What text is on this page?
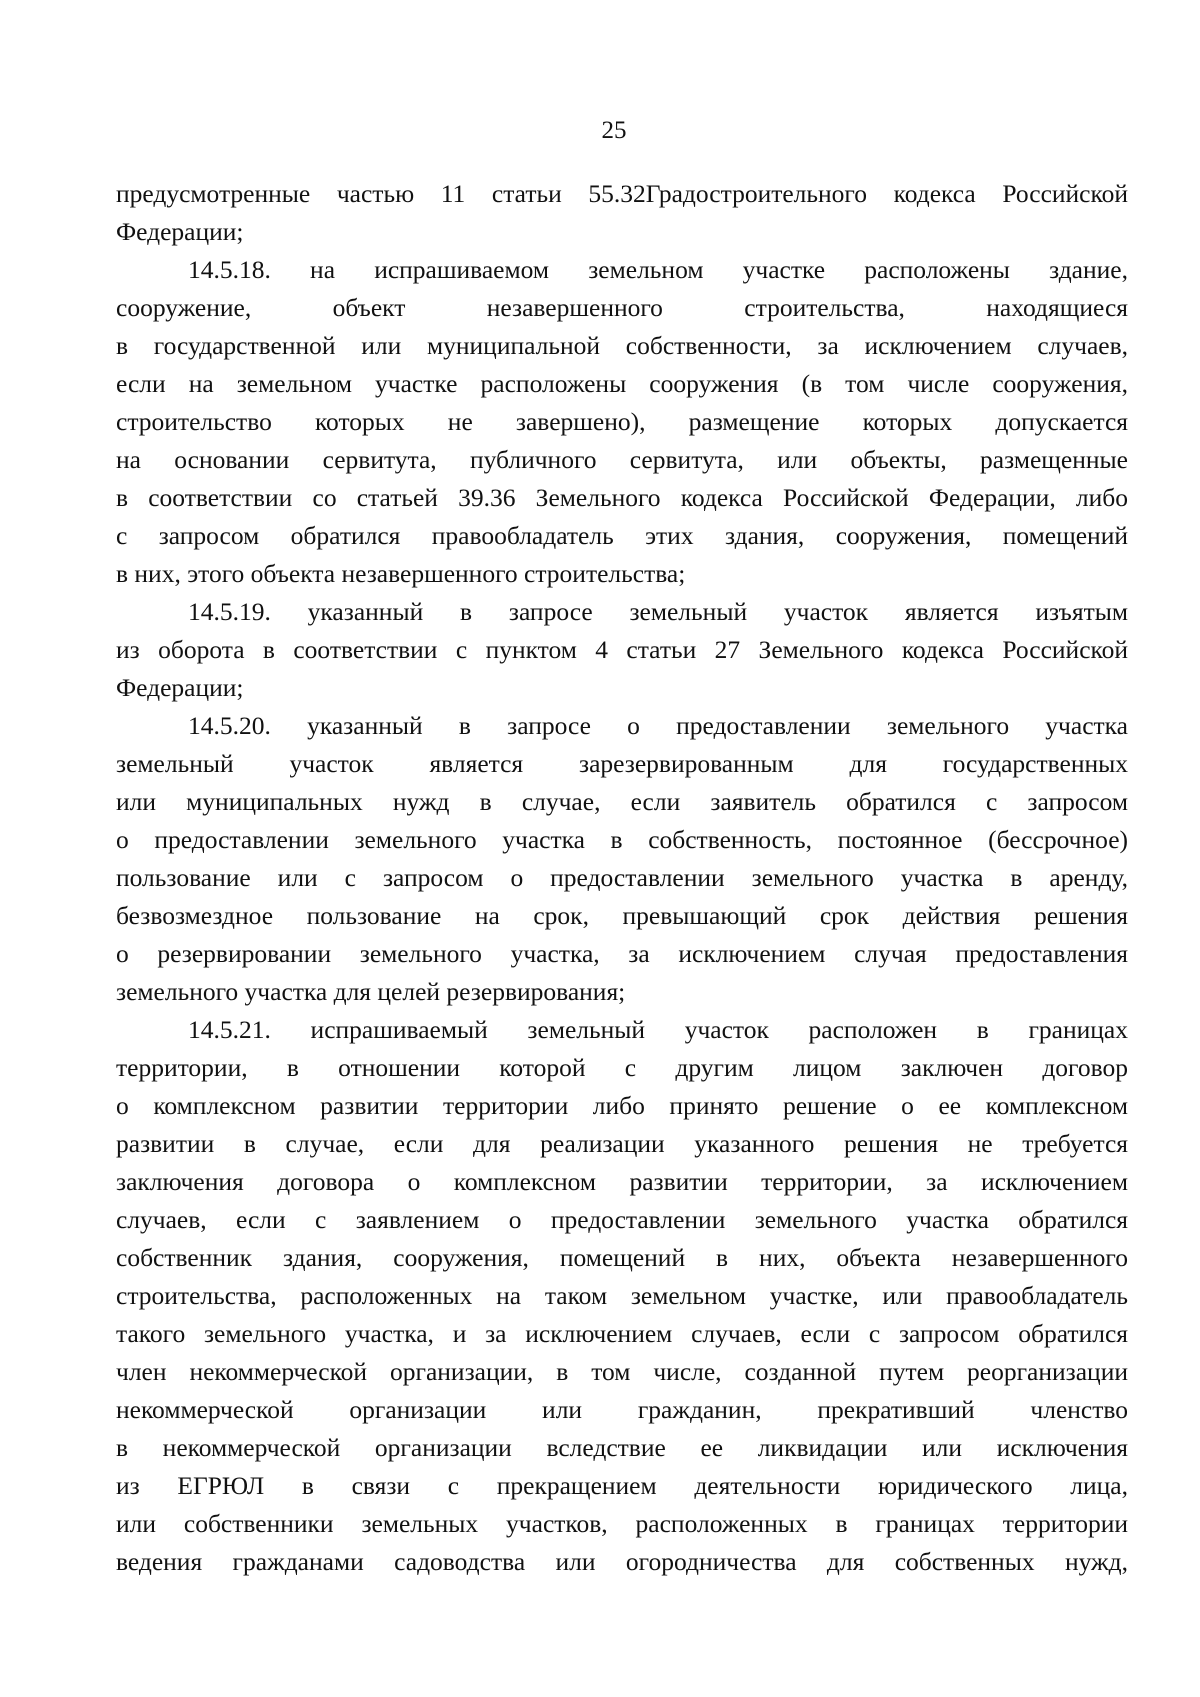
25
предусмотренные частью 11 статьи 55.32Градостроительного кодекса Российской
Федерации;
14.5.18. на испрашиваемом земельном участке расположены здание,
сооружение, объект незавершенного строительства, находящиеся
в государственной или муниципальной собственности, за исключением случаев,
если на земельном участке расположены сооружения (в том числе сооружения,
строительство которых не завершено), размещение которых допускается
на основании сервитута, публичного сервитута, или объекты, размещенные
в соответствии со статьей 39.36 Земельного кодекса Российской Федерации, либо
с запросом обратился правообладатель этих здания, сооружения, помещений
в них, этого объекта незавершенного строительства;
14.5.19. указанный в запросе земельный участок является изъятым
из оборота в соответствии с пунктом 4 статьи 27 Земельного кодекса Российской
Федерации;
14.5.20. указанный в запросе о предоставлении земельного участка
земельный участок является зарезервированным для государственных
или муниципальных нужд в случае, если заявитель обратился с запросом
о предоставлении земельного участка в собственность, постоянное (бессрочное)
пользование или с запросом о предоставлении земельного участка в аренду,
безвозмездное пользование на срок, превышающий срок действия решения
о резервировании земельного участка, за исключением случая предоставления
земельного участка для целей резервирования;
14.5.21. испрашиваемый земельный участок расположен в границах
территории, в отношении которой с другим лицом заключен договор
о комплексном развитии территории либо принято решение о ее комплексном
развитии в случае, если для реализации указанного решения не требуется
заключения договора о комплексном развитии территории, за исключением
случаев, если с заявлением о предоставлении земельного участка обратился
собственник здания, сооружения, помещений в них, объекта незавершенного
строительства, расположенных на таком земельном участке, или правообладатель
такого земельного участка, и за исключением случаев, если с запросом обратился
член некоммерческой организации, в том числе, созданной путем реорганизации
некоммерческой организации или гражданин, прекративший членство
в некоммерческой организации вследствие ее ликвидации или исключения
из ЕГРЮЛ в связи с прекращением деятельности юридического лица,
или собственники земельных участков, расположенных в границах территории
ведения гражданами садоводства или огородничества для собственных нужд,
